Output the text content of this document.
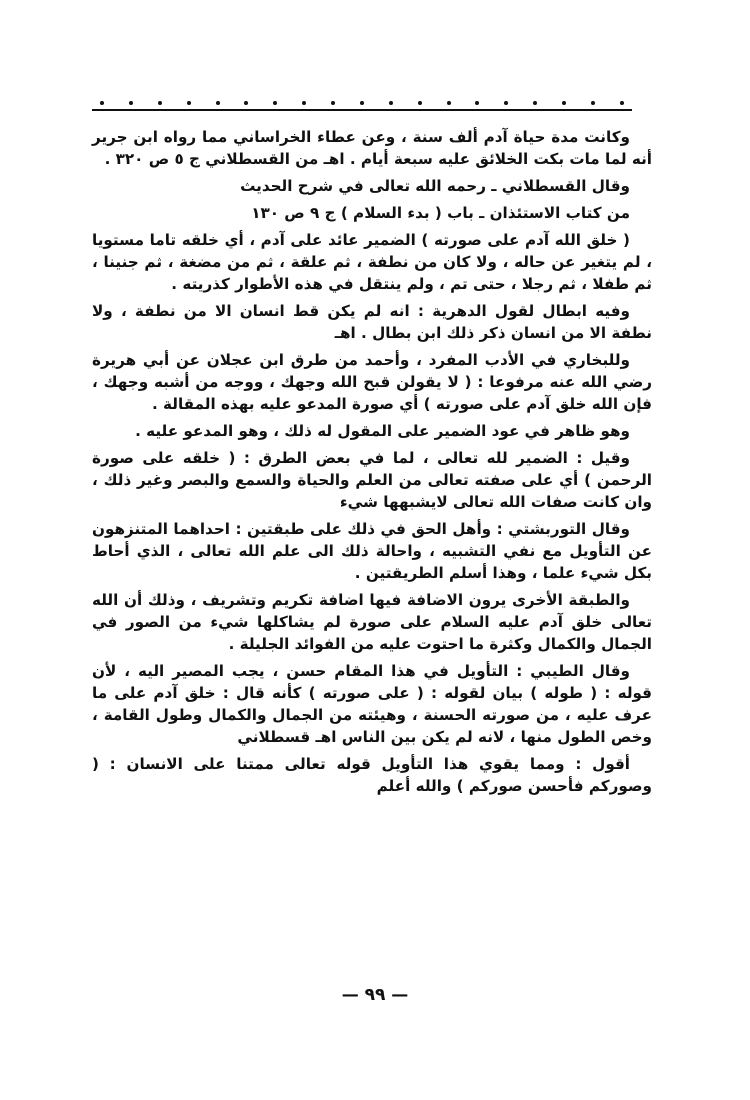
وكانت مدة حياة آدم ألف سنة ، وعن عطاء الخراساني مما رواه ابن جرير أنه لما مات بكت الخلائق عليه سبعة أيام . اهـ من القسطلاني ج ٥ ص ٣٢٠ .

وقال القسطلاني ـ رحمه الله تعالى في شرح الحديث

من كتاب الاستئذان ـ باب ( بدء السلام ) ج ٩ ص ١٣٠

( خلق الله آدم على صورته ) الضمير عائد على آدم ، أي خلقه تاما مستويا ، لم يتغير عن حاله ، ولا كان من نطفة ، ثم علقة ، ثم من مضغة ، ثم جنينا ، ثم طفلا ، ثم رجلا ، حتى تم ، ولم ينتقل في هذه الأطوار كذريته .

وفيه ابطال لقول الدهرية : انه لم يكن قط انسان الا من نطفة ، ولا نطفة الا من انسان ذكر ذلك ابن بطال . اهـ

وللبخاري في الأدب المفرد ، وأحمد من طرق ابن عجلان عن أبي هريرة رضي الله عنه مرفوعا : ( لا يقولن قبح الله وجهك ، ووجه من أشبه وجهك ، فإن الله خلق آدم على صورته ) أي صورة المدعو عليه بهذه المقالة .

وهو ظاهر في عود الضمير على المقول له ذلك ، وهو المدعو عليه .

وقيل : الضمير لله تعالى ، لما في بعض الطرق : ( خلقه على صورة الرحمن ) أي على صفته تعالى من العلم والحياة والسمع والبصر وغير ذلك ، وان كانت صفات الله تعالى لايشبهها شيء

وقال التوربشتي : وأهل الحق في ذلك على طبقتين : احداهما المتنزهون عن التأويل مع نفي التشبيه ، واحالة ذلك الى علم الله تعالى ، الذي أحاط بكل شيء علما ، وهذا أسلم الطريقتين .

والطبقة الأخرى يرون الاضافة فيها اضافة تكريم وتشريف ، وذلك أن الله تعالى خلق آدم عليه السلام على صورة لم يشاكلها شيء من الصور في الجمال والكمال وكثرة ما احتوت عليه من الفوائد الجليلة .

وقال الطيبي : التأويل في هذا المقام حسن ، يجب المصير اليه ، لأن قوله : ( طوله ) بيان لقوله : ( على صورته ) كأنه قال : خلق آدم على ما عرف عليه ، من صورته الحسنة ، وهيئته من الجمال والكمال وطول القامة ، وخص الطول منها ، لانه لم يكن بين الناس اهـ قسطلاني

أقول : ومما يقوي هذا التأويل قوله تعالى ممتنا على الانسان : ( وصوركم فأحسن صوركم ) والله أعلم

— ٩٩ —
